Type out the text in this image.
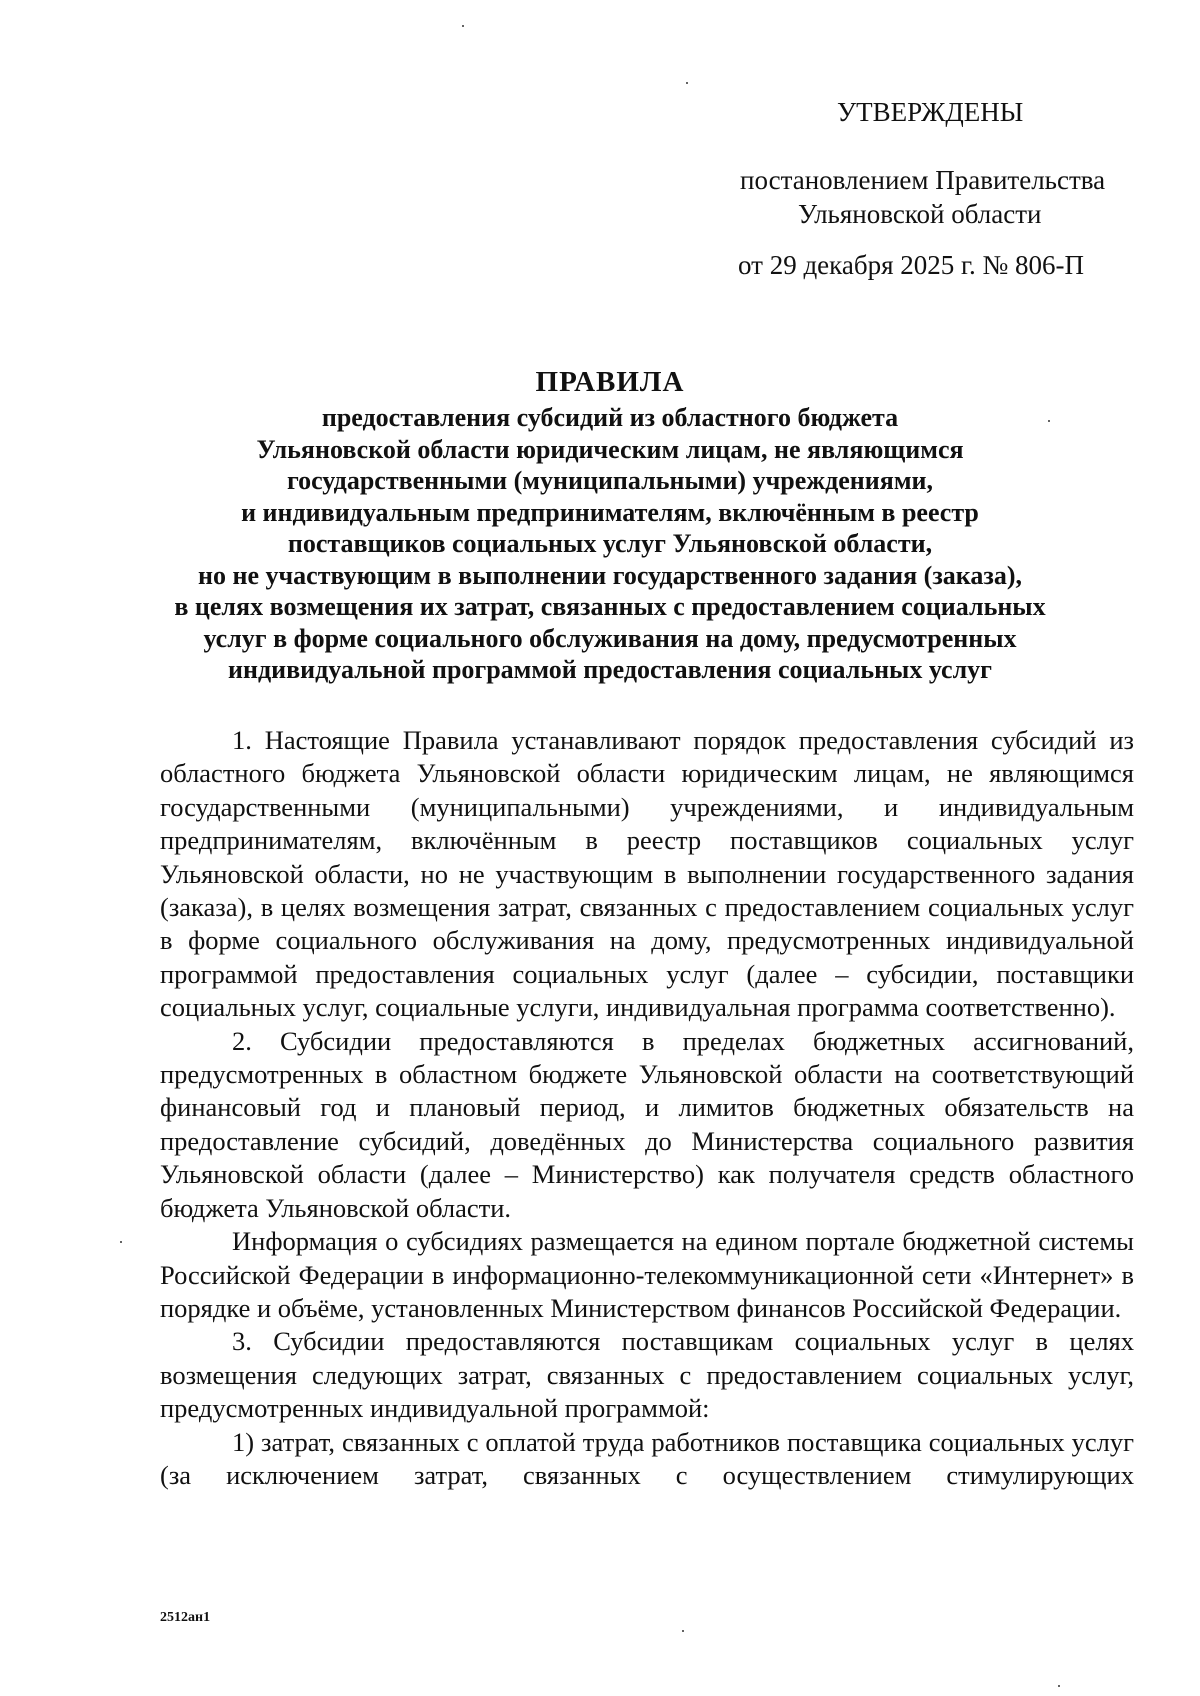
УТВЕРЖДЕНЫ
постановлением Правительства
Ульяновской области
от 29 декабря 2025 г. № 806-П
ПРАВИЛА
предоставления субсидий из областного бюджета
Ульяновской области юридическим лицам, не являющимся
государственными (муниципальными) учреждениями,
и индивидуальным предпринимателям, включённым в реестр
поставщиков социальных услуг Ульяновской области,
но не участвующим в выполнении государственного задания (заказа),
в целях возмещения их затрат, связанных с предоставлением социальных
услуг в форме социального обслуживания на дому, предусмотренных
индивидуальной программой предоставления социальных услуг

1. Настоящие Правила устанавливают порядок предоставления субсидий из областного бюджета Ульяновской области юридическим лицам, не являющимся государственными (муниципальными) учреждениями, и индивидуальным предпринимателям, включённым в реестр поставщиков социальных услуг Ульяновской области, но не участвующим в выполнении государственного задания (заказа), в целях возмещения затрат, связанных с предоставлением социальных услуг в форме социального обслуживания на дому, предусмотренных индивидуальной программой предоставления социальных услуг (далее – субсидии, поставщики социальных услуг, социальные услуги, индивидуальная программа соответственно).

2. Субсидии предоставляются в пределах бюджетных ассигнований, предусмотренных в областном бюджете Ульяновской области на соответствующий финансовый год и плановый период, и лимитов бюджетных обязательств на предоставление субсидий, доведённых до Министерства социального развития Ульяновской области (далее – Министерство) как получателя средств областного бюджета Ульяновской области.

Информация о субсидиях размещается на едином портале бюджетной системы Российской Федерации в информационно-телекоммуникационной сети «Интернет» в порядке и объёме, установленных Министерством финансов Российской Федерации.

3. Субсидии предоставляются поставщикам социальных услуг в целях возмещения следующих затрат, связанных с предоставлением социальных услуг, предусмотренных индивидуальной программой:

1) затрат, связанных с оплатой труда работников поставщика социальных услуг (за исключением затрат, связанных с осуществлением стимулирующих

2512ан1
